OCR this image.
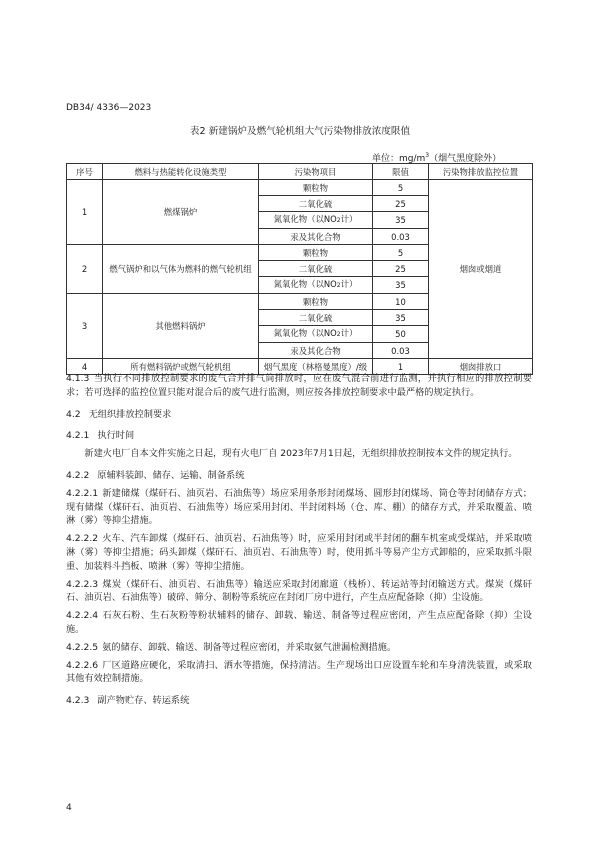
DB34/ 4336—2023
表2 新建锅炉及燃气轮机组大气污染物排放浓度限值
单位：$mg/m^3$（烟气黑度除外）
序号	燃料与热能转化设施类型	污染物项目	限值	污染物排放监控位置
1	燃煤锅炉	颗粒物	5	烟囱或烟道
		二氧化硫	25	
		氮氧化物（以NO2计）	35	
		汞及其化合物	0.03	
2	燃气锅炉和以气体为燃料的燃气轮机组	颗粒物	5	
		二氧化硫	25	
		氮氧化物（以NO2计）	35	
3	其他燃料锅炉	颗粒物	10	
		二氧化硫	35	
		氮氧化物（以NO2计）	50	
		汞及其化合物	0.03	
4	所有燃料锅炉或燃气轮机组	烟气黑度（林格曼黑度）/级	1	烟囱排放口

4.1.3 当执行不同排放控制要求的废气合并排气筒排放时，应在废气混合前进行监测，并执行相应的排放控制要求；若可选择的监控位置只能对混合后的废气进行监测，则应按各排放控制要求中最严格的规定执行。

4.2 无组织排放控制要求

4.2.1 执行时间

新建火电厂自本文件实施之日起，现有火电厂自 2023年7月1日起，无组织排放控制按本文件的规定执行。

4.2.2 原辅料装卸、储存、运输、制备系统

4.2.2.1 新建储煤（煤矸石、油页岩、石油焦等）场应采用条形封闭煤场、圆形封闭煤场、筒仓等封闭储存方式；现有储煤（煤矸石、油页岩、石油焦等）场应采用封闭、半封闭料场（仓、库、棚）的储存方式，并采取覆盖、喷淋（雾）等抑尘措施。

4.2.2.2 火车、汽车卸煤（煤矸石、油页岩、石油焦等）时，应采用封闭或半封闭的翻车机室或受煤站，并采取喷淋（雾）等抑尘措施；码头卸煤（煤矸石、油页岩、石油焦等）时，使用抓斗等易产尘方式卸船的，应采取抓斗限重、加装料斗挡板、喷淋（雾）等抑尘措施。

4.2.2.3 煤炭（煤矸石、油页岩、石油焦等）输送应采取封闭廊道（栈桥）、转运站等封闭输送方式。煤炭（煤矸石、油页岩、石油焦等）破碎、筛分、制粉等系统应在封闭厂房中进行，产生点应配备除（抑）尘设施。

4.2.2.4 石灰石粉、生石灰粉等粉状辅料的储存、卸载、输送、制备等过程应密闭，产生点应配备除（抑）尘设施。

4.2.2.5 氨的储存、卸载、输送、制备等过程应密闭，并采取氨气泄漏检测措施。

4.2.2.6 厂区道路应硬化，采取清扫、洒水等措施，保持清洁。生产现场出口应设置车轮和车身清洗装置，或采取其他有效控制措施。

4.2.3 副产物贮存、转运系统

4
